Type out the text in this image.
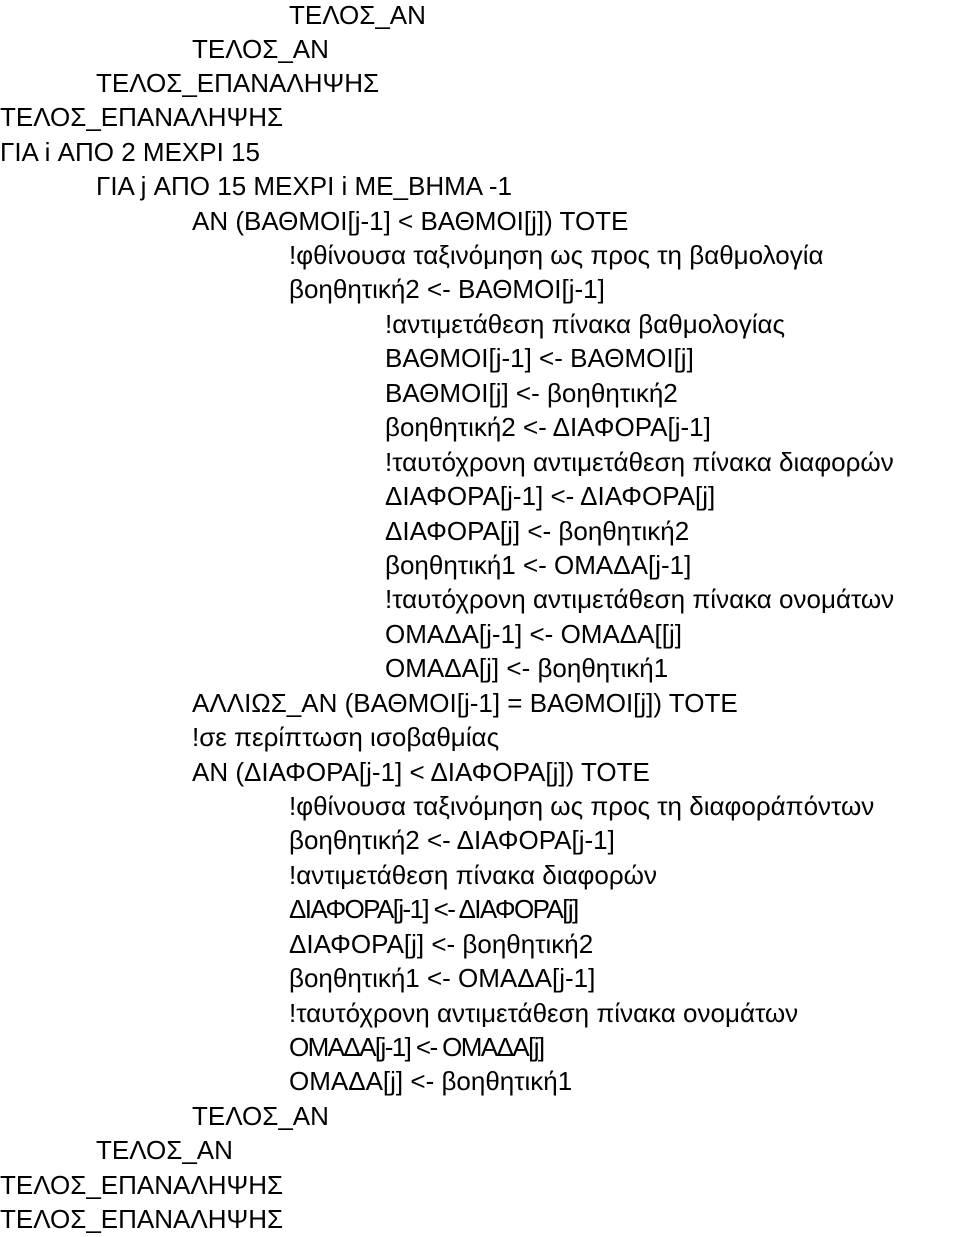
ΤΕΛΟΣ_ΑΝ
ΤΕΛΟΣ_ΑΝ
ΤΕΛΟΣ_ΕΠΑΝΑΛΗΨΗΣ
ΤΕΛΟΣ_ΕΠΑΝΑΛΗΨΗΣ
ΓΙΑ i ΑΠΟ 2 ΜΕΧΡΙ 15
ΓΙΑ j ΑΠΟ 15 ΜΕΧΡΙ i ΜΕ_ΒΗΜΑ -1
ΑΝ (ΒΑΘΜΟΙ[j-1] < ΒΑΘΜΟΙ[j]) ΤΟΤΕ
!φθίνουσα ταξινόμηση ως προς τη βαθμολογία
βοηθητική2 <- ΒΑΘΜΟΙ[j-1]
!αντιμετάθεση πίνακα βαθμολογίας
ΒΑΘΜΟΙ[j-1] <- ΒΑΘΜΟΙ[j]
ΒΑΘΜΟΙ[j] <- βοηθητική2
βοηθητική2 <- ΔΙΑΦΟΡΑ[j-1]
!ταυτόχρονη αντιμετάθεση πίνακα διαφορών
ΔΙΑΦΟΡΑ[j-1] <- ΔΙΑΦΟΡΑ[j]
ΔΙΑΦΟΡΑ[j] <- βοηθητική2
βοηθητική1 <- ΟΜΑΔΑ[j-1]
!ταυτόχρονη αντιμετάθεση πίνακα ονομάτων
ΟΜΑΔΑ[j-1] <- ΟΜΑΔΑ[[j]
ΟΜΑΔΑ[j] <- βοηθητική1
ΑΛΛΙΩΣ_ΑΝ (ΒΑΘΜΟΙ[j-1] = ΒΑΘΜΟΙ[j]) ΤΟΤΕ
!σε περίπτωση ισοβαθμίας
ΑΝ (ΔΙΑΦΟΡΑ[j-1] < ΔΙΑΦΟΡΑ[j]) ΤΟΤΕ
!φθίνουσα ταξινόμηση ως προς τη διαφοράπόντων
βοηθητική2 <- ΔΙΑΦΟΡΑ[j-1]
!αντιμετάθεση πίνακα διαφορών
ΔΙΑΦΟΡΑ[j-1] <- ΔΙΑΦΟΡΑ[j]
ΔΙΑΦΟΡΑ[j] <- βοηθητική2
βοηθητική1 <- ΟΜΑΔΑ[j-1]
!ταυτόχρονη αντιμετάθεση πίνακα ονομάτων
ΟΜΑΔΑ[j-1] <- ΟΜΑΔΑ[j]
ΟΜΑΔΑ[j] <- βοηθητική1
ΤΕΛΟΣ_ΑΝ
ΤΕΛΟΣ_ΑΝ
ΤΕΛΟΣ_ΕΠΑΝΑΛΗΨΗΣ
ΤΕΛΟΣ_ΕΠΑΝΑΛΗΨΗΣ
